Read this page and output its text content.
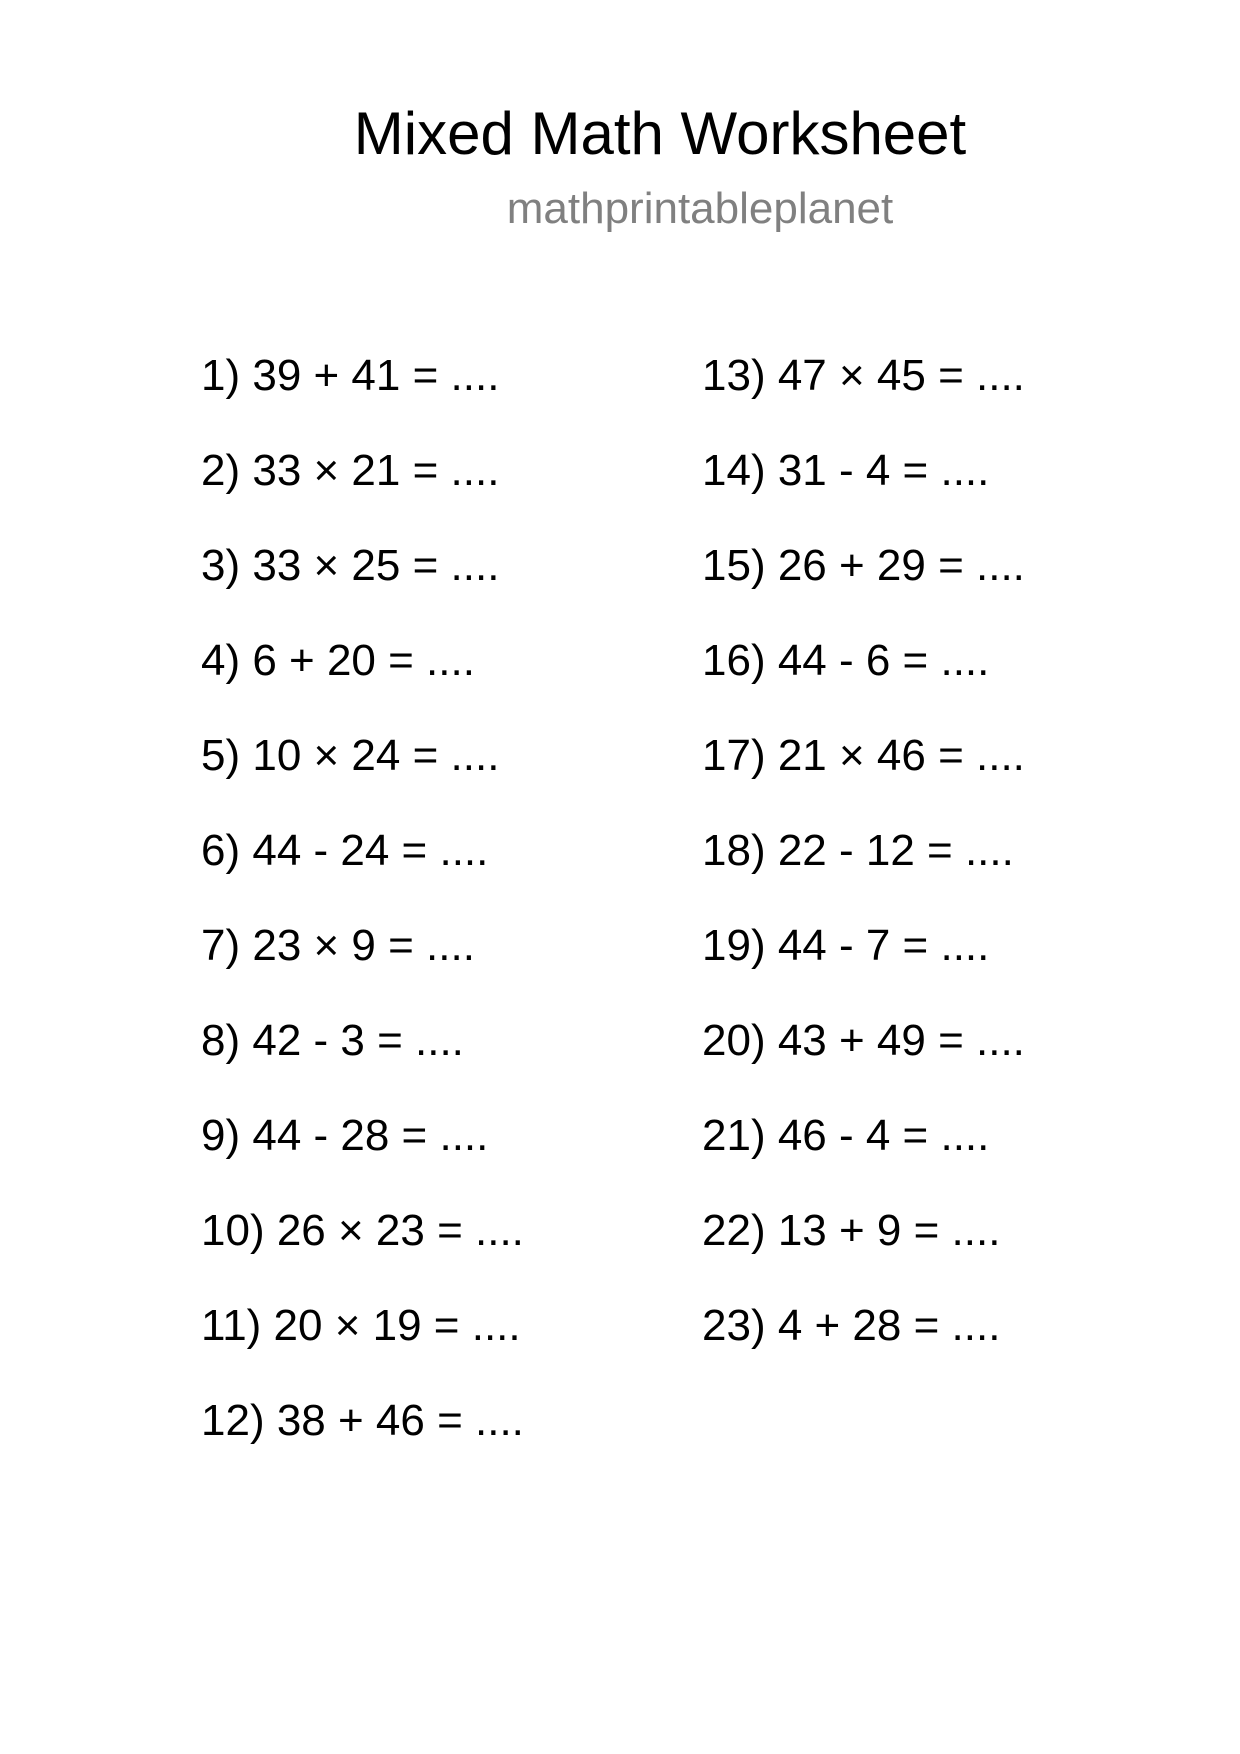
Mixed Math Worksheet
mathprintableplanet
1) 39 + 41 = ....
2) 33 × 21 = ....
3) 33 × 25 = ....
4) 6 + 20 = ....
5) 10 × 24 = ....
6) 44 - 24 = ....
7) 23 × 9 = ....
8) 42 - 3 = ....
9) 44 - 28 = ....
10) 26 × 23 = ....
11) 20 × 19 = ....
12) 38 + 46 = ....
13) 47 × 45 = ....
14) 31 - 4 = ....
15) 26 + 29 = ....
16) 44 - 6 = ....
17) 21 × 46 = ....
18) 22 - 12 = ....
19) 44 - 7 = ....
20) 43 + 49 = ....
21) 46 - 4 = ....
22) 13 + 9 = ....
23) 4 + 28 = ....
